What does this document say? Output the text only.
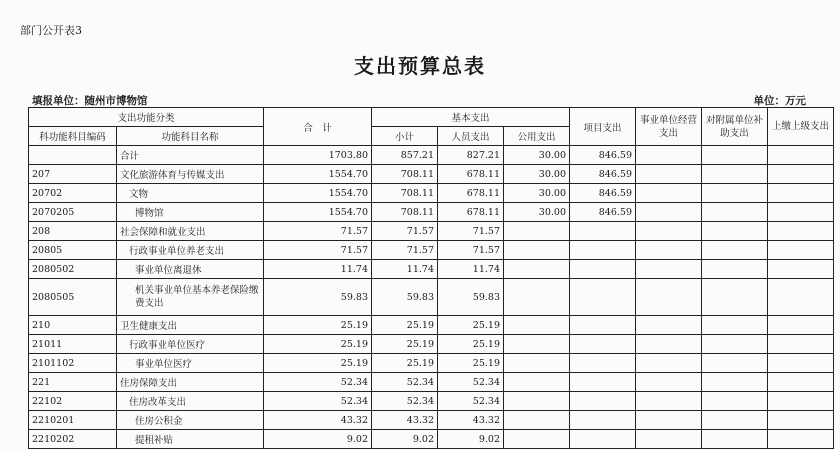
部门公开表3
支出预算总表
填报单位：随州市博物馆	单位：万元
支出功能分类		合　计	基本支出			项目支出	事业单位经营支出	对附属单位补助支出	上缴上级支出
科功能科目编码	功能科目名称		小计	人员支出	公用支出				
	合计	1703.80	857.21	827.21	30.00	846.59			
207	文化旅游体育与传媒支出	1554.70	708.11	678.11	30.00	846.59			
20702	文物	1554.70	708.11	678.11	30.00	846.59			
2070205	博物馆	1554.70	708.11	678.11	30.00	846.59			
208	社会保障和就业支出	71.57	71.57	71.57					
20805	行政事业单位养老支出	71.57	71.57	71.57					
2080502	事业单位离退休	11.74	11.74	11.74					
2080505	机关事业单位基本养老保险缴费支出	59.83	59.83	59.83					
210	卫生健康支出	25.19	25.19	25.19					
21011	行政事业单位医疗	25.19	25.19	25.19					
2101102	事业单位医疗	25.19	25.19	25.19					
221	住房保障支出	52.34	52.34	52.34					
22102	住房改革支出	52.34	52.34	52.34					
2210201	住房公积金	43.32	43.32	43.32					
2210202	提租补贴	9.02	9.02	9.02					
